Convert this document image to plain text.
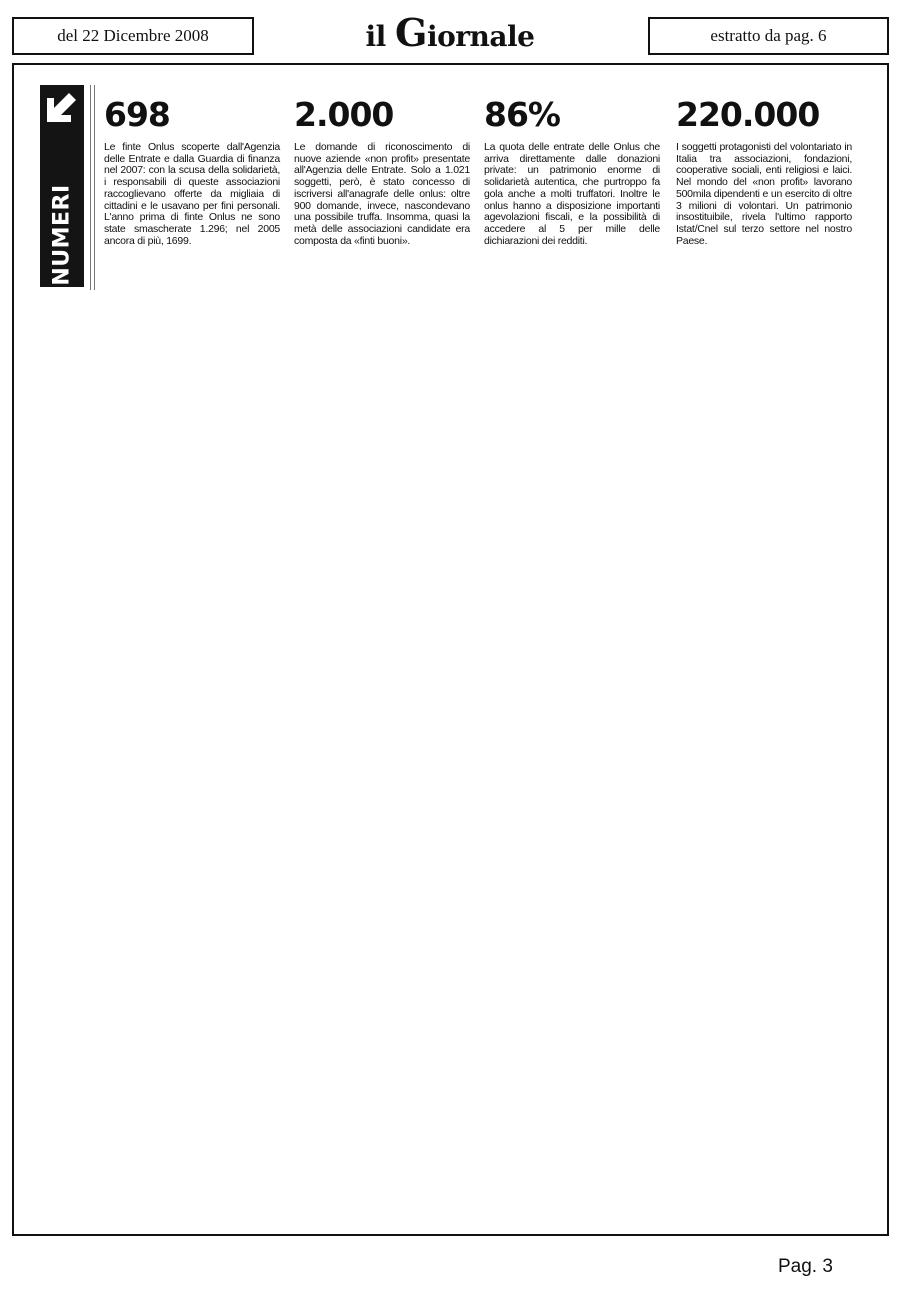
del 22 Dicembre 2008	il Giornale	estratto da pag. 6
NUMERI
698

Le finte Onlus scoperte dall'Agenzia delle Entrate e dalla Guardia di finanza nel 2007: con la scusa della solidarietà, i responsabili di queste associazioni raccoglievano offerte da migliaia di cittadini e le usavano per fini personali. L'anno prima di finte Onlus ne sono state smascherate 1.296; nel 2005 ancora di più, 1699.

2.000

Le domande di riconoscimento di nuove aziende «non profit» presentate all'Agenzia delle Entrate. Solo a 1.021 soggetti, però, è stato concesso di iscriversi all'anagrafe delle onlus: oltre 900 domande, invece, nascondevano una possibile truffa. Insomma, quasi la metà delle associazioni candidate era composta da «finti buoni».

86%

La quota delle entrate delle Onlus che arriva direttamente dalle donazioni private: un patrimonio enorme di solidarietà autentica, che purtroppo fa gola anche a molti truffatori. Inoltre le onlus hanno a disposizione importanti agevolazioni fiscali, e la possibilità di accedere al 5 per mille delle dichiarazioni dei redditi.

220.000

I soggetti protagonisti del volontariato in Italia tra associazioni, fondazioni, cooperative sociali, enti religiosi e laici. Nel mondo del «non profit» lavorano 500mila dipendenti e un esercito di oltre 3 milioni di volontari. Un patrimonio insostituibile, rivela l'ultimo rapporto Istat/Cnel sul terzo settore nel nostro Paese.

Pag. 3
